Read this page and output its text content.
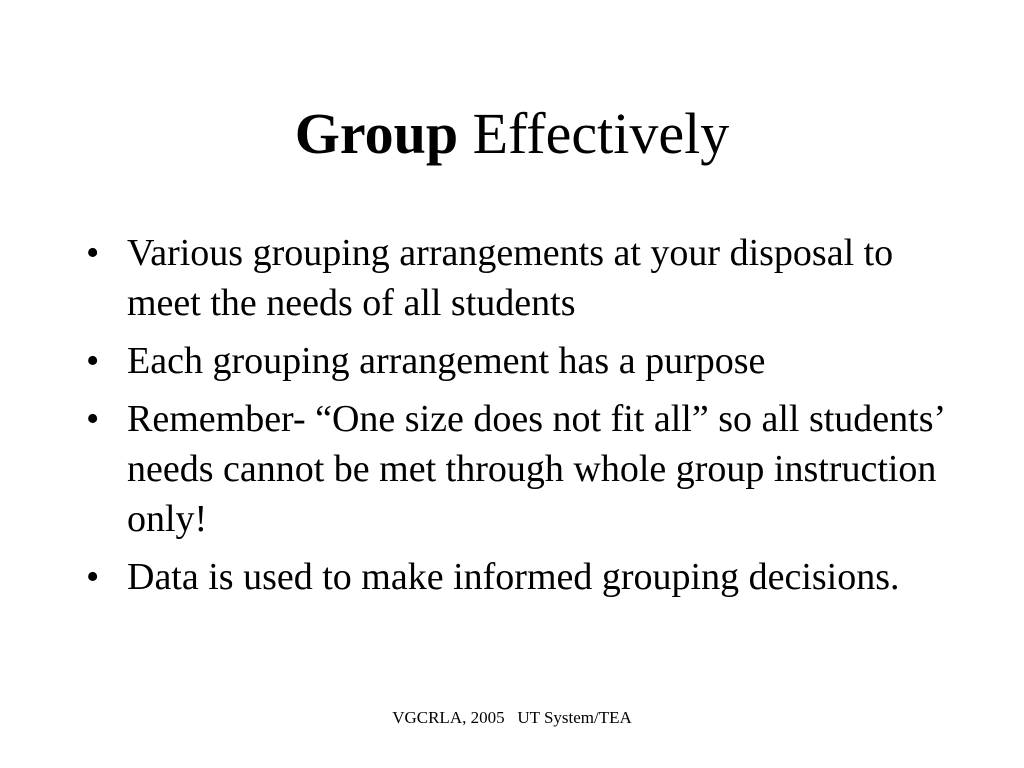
Group Effectively
• Various grouping arrangements at your disposal to meet the needs of all students
• Each grouping arrangement has a purpose
• Remember- “One size does not fit all” so all students’ needs cannot be met through whole group instruction only!
• Data is used to make informed grouping decisions.
VGCRLA, 2005   UT System/TEA
